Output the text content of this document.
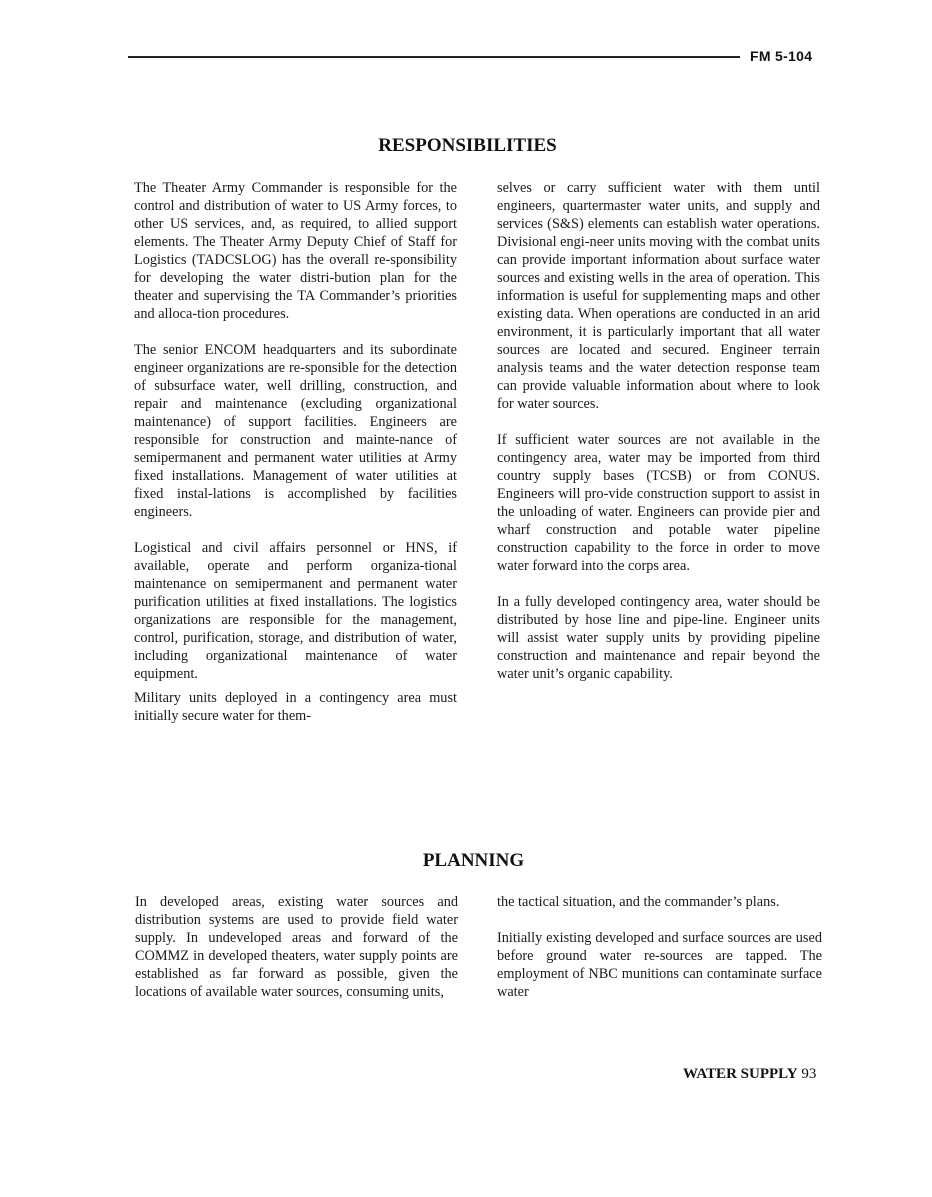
FM 5-104
RESPONSIBILITIES

The Theater Army Commander is responsible for the control and distribution of water to US Army forces, to other US services, and, as required, to allied support elements. The Theater Army Deputy Chief of Staff for Logistics (TADCSLOG) has the overall re-sponsibility for developing the water distri-bution plan for the theater and supervising the TA Commander’s priorities and alloca-tion procedures.

The senior ENCOM headquarters and its subordinate engineer organizations are re-sponsible for the detection of subsurface water, well drilling, construction, and repair and maintenance (excluding organizational maintenance) of support facilities. Engineers are responsible for construction and mainte-nance of semipermanent and permanent water utilities at Army fixed installations. Management of water utilities at fixed instal-lations is accomplished by facilities engineers.

Logistical and civil affairs personnel or HNS, if available, operate and perform organiza-tional maintenance on semipermanent and permanent water purification utilities at fixed installations. The logistics organizations are responsible for the management, control, purification, storage, and distribution of water, including organizational maintenance of water equipment.

Military units deployed in a contingency area must initially secure water for them-

selves or carry sufficient water with them until engineers, quartermaster water units, and supply and services (S&S) elements can establish water operations. Divisional engi-neer units moving with the combat units can provide important information about surface water sources and existing wells in the area of operation. This information is useful for supplementing maps and other existing data. When operations are conducted in an arid environment, it is particularly important that all water sources are located and secured. Engineer terrain analysis teams and the water detection response team can provide valuable information about where to look for water sources.

If sufficient water sources are not available in the contingency area, water may be imported from third country supply bases (TCSB) or from CONUS. Engineers will pro-vide construction support to assist in the unloading of water. Engineers can provide pier and wharf construction and potable water pipeline construction capability to the force in order to move water forward into the corps area.

In a fully developed contingency area, water should be distributed by hose line and pipe-line. Engineer units will assist water supply units by providing pipeline construction and maintenance and repair beyond the water unit’s organic capability.

PLANNING

In developed areas, existing water sources and distribution systems are used to provide field water supply. In undeveloped areas and forward of the COMMZ in developed theaters, water supply points are established as far forward as possible, given the locations of available water sources, consuming units,

the tactical situation, and the commander’s plans.

Initially existing developed and surface sources are used before ground water re-sources are tapped. The employment of NBC munitions can contaminate surface water

WATER SUPPLY 93
